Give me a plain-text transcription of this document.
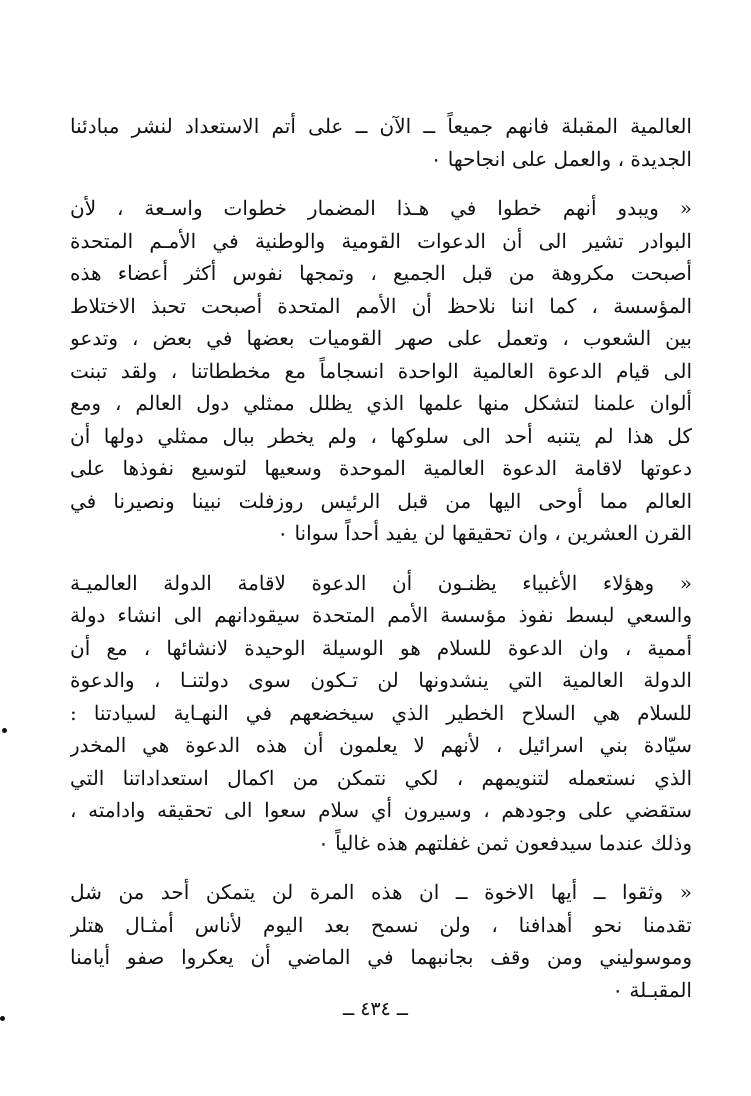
العالمية المقبلة فانهم جميعاً ــ الآن ــ على أتم الاستعداد لنشر مبادئنا
الجديدة ، والعمل على انجاحها ٠
« ويبدو أنهم خطوا في هـذا المضمار خطوات واسـعة ، لأن
البوادر تشير الى أن الدعوات القومية والوطنية في الأمـم المتحدة
أصبحت مكروهة من قبل الجميع ، وتمجها نفوس أكثر أعضاء هذه
المؤسسة ، كما اننا نلاحظ أن الأمم المتحدة أصبحت تحبذ الاختلاط
بين الشعوب ، وتعمل على صهر القوميات بعضها في بعض ، وتدعو
الى قيام الدعوة العالمية الواحدة انسجاماً مع مخططاتنا ، ولقد تبنت
ألوان علمنا لتشكل منها علمها الذي يظلل ممثلي دول العالم ، ومع
كل هذا لم يتنبه أحد الى سلوكها ، ولم يخطر ببال ممثلي دولها أن
دعوتها لاقامة الدعوة العالمية الموحدة وسعيها لتوسيع نفوذها على
العالم مما أوحى اليها من قبل الرئيس روزفلت نبينا ونصيرنا في
القرن العشرين ، وان تحقيقها لن يفيد أحداً سوانا ٠
« وهؤلاء الأغبياء يظنـون أن الدعوة لاقامة الدولة العالميـة
والسعي لبسط نفوذ مؤسسة الأمم المتحدة سيقودانهم الى انشاء دولة
أممية ، وان الدعوة للسلام هو الوسيلة الوحيدة لانشائها ، مع أن
الدولة العالمية التي ينشدونها لن تـكون سوى دولتنـا ، والدعوة
للسلام هي السلاح الخطير الذي سيخضعهم في النهـاية لسيادتنا :
سيّادة بني اسرائيل ، لأنهم لا يعلمون أن هذه الدعوة هي المخدر
الذي نستعمله لتنويمهم ، لكي نتمكن من اكمال استعداداتنا التي
ستقضي على وجودهم ، وسيرون أي سلام سعوا الى تحقيقه وادامته ،
وذلك عندما سيدفعون ثمن غفلتهم هذه غالياً ٠
« وثقوا ــ أيها الاخوة ــ ان هذه المرة لن يتمكن أحد من شل
تقدمنا نحو أهدافنا ، ولن نسمح بعد اليوم لأناس أمثـال هتلر
وموسوليني ومن وقف بجانبهما في الماضي أن يعكروا صفو أيامنا
المقبـلة ٠
ــ ٤٣٤ ــ
